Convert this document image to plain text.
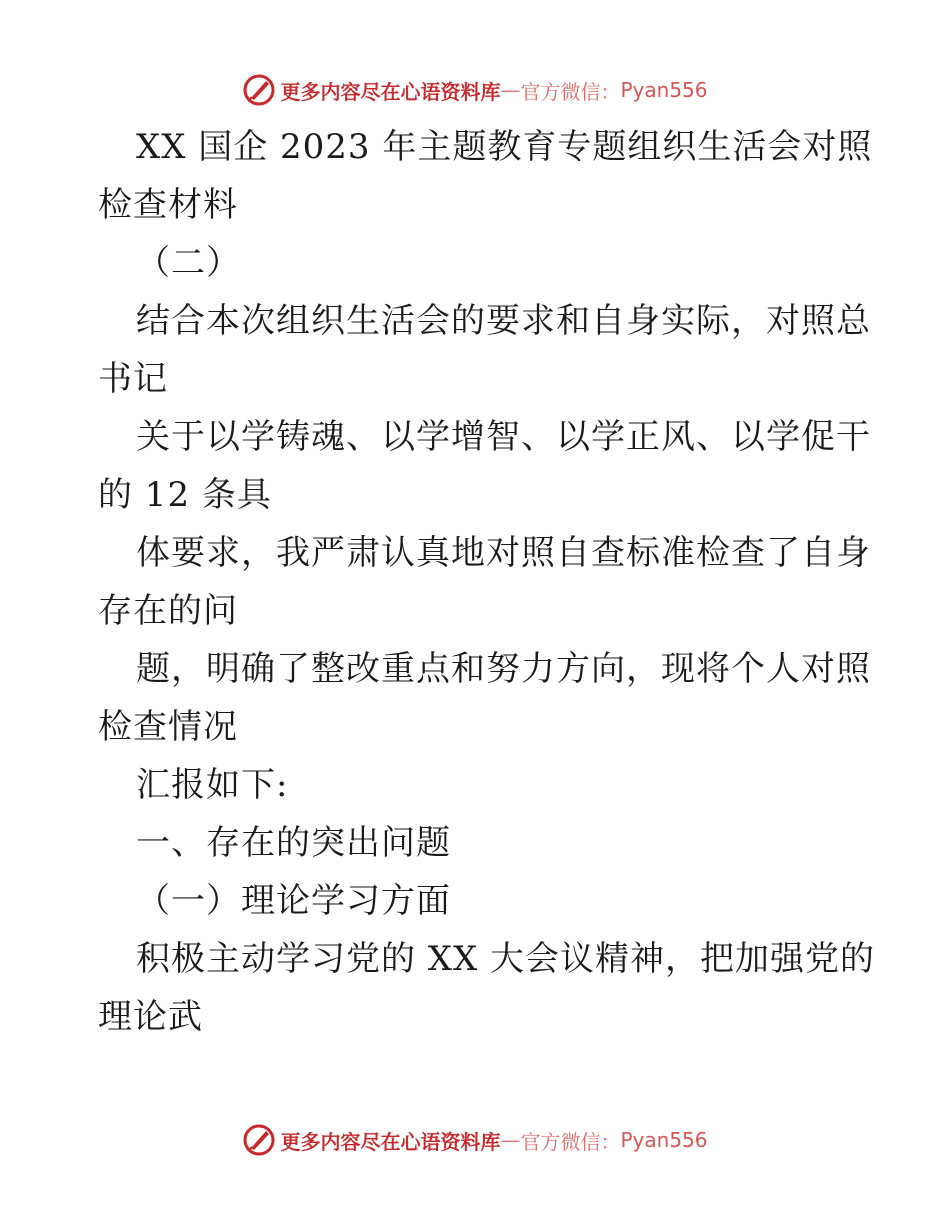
更多内容尽在心语资料库 — 官方微信： Pyan556
XX 国企 2023 年主题教育专题组织生活会对照
检查材料
（二）
结合本次组织生活会的要求和自身实际，对照总
书记
关于以学铸魂、以学增智、以学正风、以学促干
的 12 条具
体要求，我严肃认真地对照自查标准检查了自身
存在的问
题，明确了整改重点和努力方向，现将个人对照
检查情况
汇报如下:
一、存在的突出问题
（一）理论学习方面
积极主动学习党的 XX 大会议精神，把加强党的
理论武
更多内容尽在心语资料库 — 官方微信： Pyan556
